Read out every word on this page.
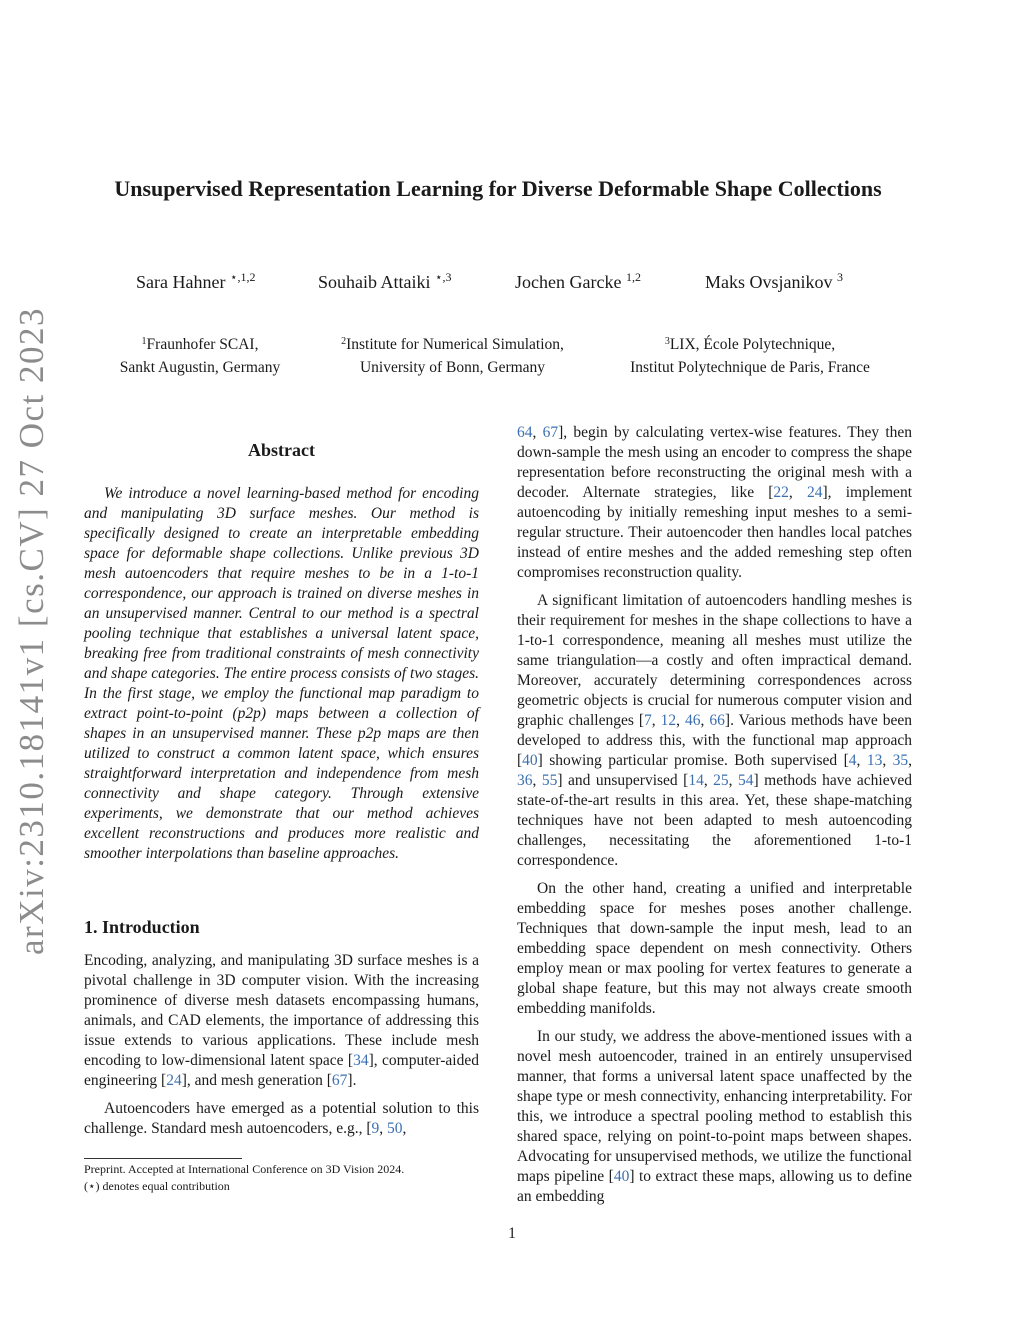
arXiv:2310.18141v1 [cs.CV] 27 Oct 2023
Unsupervised Representation Learning for Diverse Deformable Shape Collections
Sara Hahner $^{⋆,1,2}$	Souhaib Attaiki $^{⋆,3}$	Jochen Garcke $^{1,2}$	Maks Ovsjanikov $^3$
$^1$Fraunhofer SCAI,
Sankt Augustin, Germany
$^2$Institute for Numerical Simulation,
University of Bonn, Germany
$^3$LIX, École Polytechnique,
Institut Polytechnique de Paris, France
Abstract

We introduce a novel learning-based method for encoding and manipulating 3D surface meshes. Our method is specifically designed to create an interpretable embedding space for deformable shape collections. Unlike previous 3D mesh autoencoders that require meshes to be in a 1-to-1 correspondence, our approach is trained on diverse meshes in an unsupervised manner. Central to our method is a spectral pooling technique that establishes a universal latent space, breaking free from traditional constraints of mesh connectivity and shape categories. The entire process consists of two stages. In the first stage, we employ the functional map paradigm to extract point-to-point (p2p) maps between a collection of shapes in an unsupervised manner. These p2p maps are then utilized to construct a common latent space, which ensures straightforward interpretation and independence from mesh connectivity and shape category. Through extensive experiments, we demonstrate that our method achieves excellent reconstructions and produces more realistic and smoother interpolations than baseline approaches.

1. Introduction

Encoding, analyzing, and manipulating 3D surface meshes is a pivotal challenge in 3D computer vision. With the increasing prominence of diverse mesh datasets encompassing humans, animals, and CAD elements, the importance of addressing this issue extends to various applications. These include mesh encoding to low-dimensional latent space [34], computer-aided engineering [24], and mesh generation [67].

Autoencoders have emerged as a potential solution to this challenge. Standard mesh autoencoders, e.g., [9, 50,

Preprint. Accepted at International Conference on 3D Vision 2024.
(⋆) denotes equal contribution

64, 67], begin by calculating vertex-wise features. They then down-sample the mesh using an encoder to compress the shape representation before reconstructing the original mesh with a decoder. Alternate strategies, like [22, 24], implement autoencoding by initially remeshing input meshes to a semi-regular structure. Their autoencoder then handles local patches instead of entire meshes and the added remeshing step often compromises reconstruction quality.

A significant limitation of autoencoders handling meshes is their requirement for meshes in the shape collections to have a 1-to-1 correspondence, meaning all meshes must utilize the same triangulation—a costly and often impractical demand. Moreover, accurately determining correspondences across geometric objects is crucial for numerous computer vision and graphic challenges [7, 12, 46, 66]. Various methods have been developed to address this, with the functional map approach [40] showing particular promise. Both supervised [4, 13, 35, 36, 55] and unsupervised [14, 25, 54] methods have achieved state-of-the-art results in this area. Yet, these shape-matching techniques have not been adapted to mesh autoencoding challenges, necessitating the aforementioned 1-to-1 correspondence.

On the other hand, creating a unified and interpretable embedding space for meshes poses another challenge. Techniques that down-sample the input mesh, lead to an embedding space dependent on mesh connectivity. Others employ mean or max pooling for vertex features to generate a global shape feature, but this may not always create smooth embedding manifolds.

In our study, we address the above-mentioned issues with a novel mesh autoencoder, trained in an entirely unsupervised manner, that forms a universal latent space unaffected by the shape type or mesh connectivity, enhancing interpretability. For this, we introduce a spectral pooling method to establish this shared space, relying on point-to-point maps between shapes. Advocating for unsupervised methods, we utilize the functional maps pipeline [40] to extract these maps, allowing us to define an embedding

1
